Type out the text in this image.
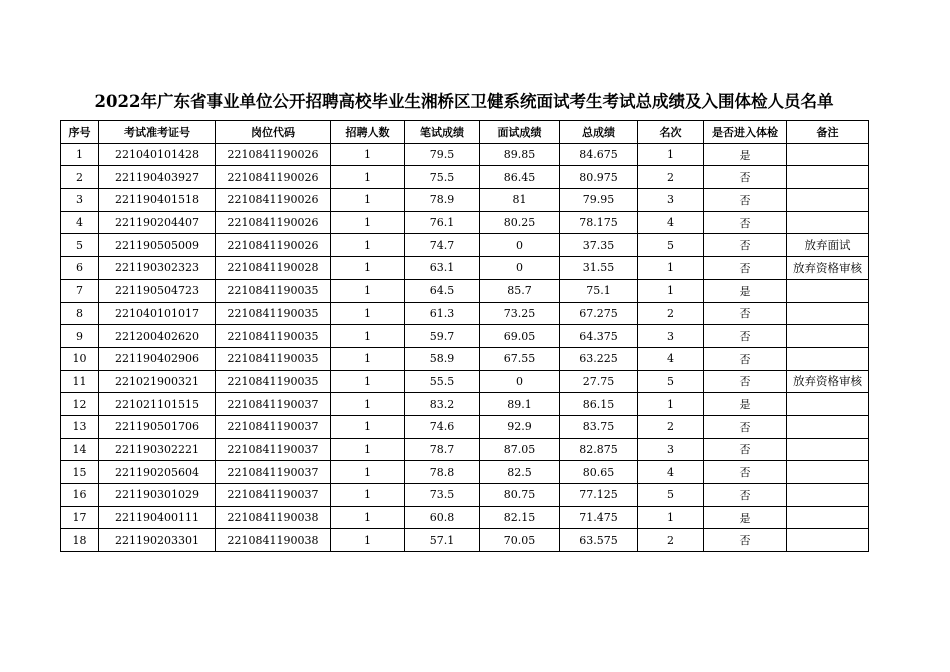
2022年广东省事业单位公开招聘高校毕业生湘桥区卫健系统面试考生考试总成绩及入围体检人员名单
序号	考试准考证号	岗位代码	招聘人数	笔试成绩	面试成绩	总成绩	名次	是否进入体检	备注
1	221040101428	2210841190026	1	79.5	89.85	84.675	1	是	
2	221190403927	2210841190026	1	75.5	86.45	80.975	2	否	
3	221190401518	2210841190026	1	78.9	81	79.95	3	否	
4	221190204407	2210841190026	1	76.1	80.25	78.175	4	否	
5	221190505009	2210841190026	1	74.7	0	37.35	5	否	放弃面试
6	221190302323	2210841190028	1	63.1	0	31.55	1	否	放弃资格审核
7	221190504723	2210841190035	1	64.5	85.7	75.1	1	是	
8	221040101017	2210841190035	1	61.3	73.25	67.275	2	否	
9	221200402620	2210841190035	1	59.7	69.05	64.375	3	否	
10	221190402906	2210841190035	1	58.9	67.55	63.225	4	否	
11	221021900321	2210841190035	1	55.5	0	27.75	5	否	放弃资格审核
12	221021101515	2210841190037	1	83.2	89.1	86.15	1	是	
13	221190501706	2210841190037	1	74.6	92.9	83.75	2	否	
14	221190302221	2210841190037	1	78.7	87.05	82.875	3	否	
15	221190205604	2210841190037	1	78.8	82.5	80.65	4	否	
16	221190301029	2210841190037	1	73.5	80.75	77.125	5	否	
17	221190400111	2210841190038	1	60.8	82.15	71.475	1	是	
18	221190203301	2210841190038	1	57.1	70.05	63.575	2	否	
